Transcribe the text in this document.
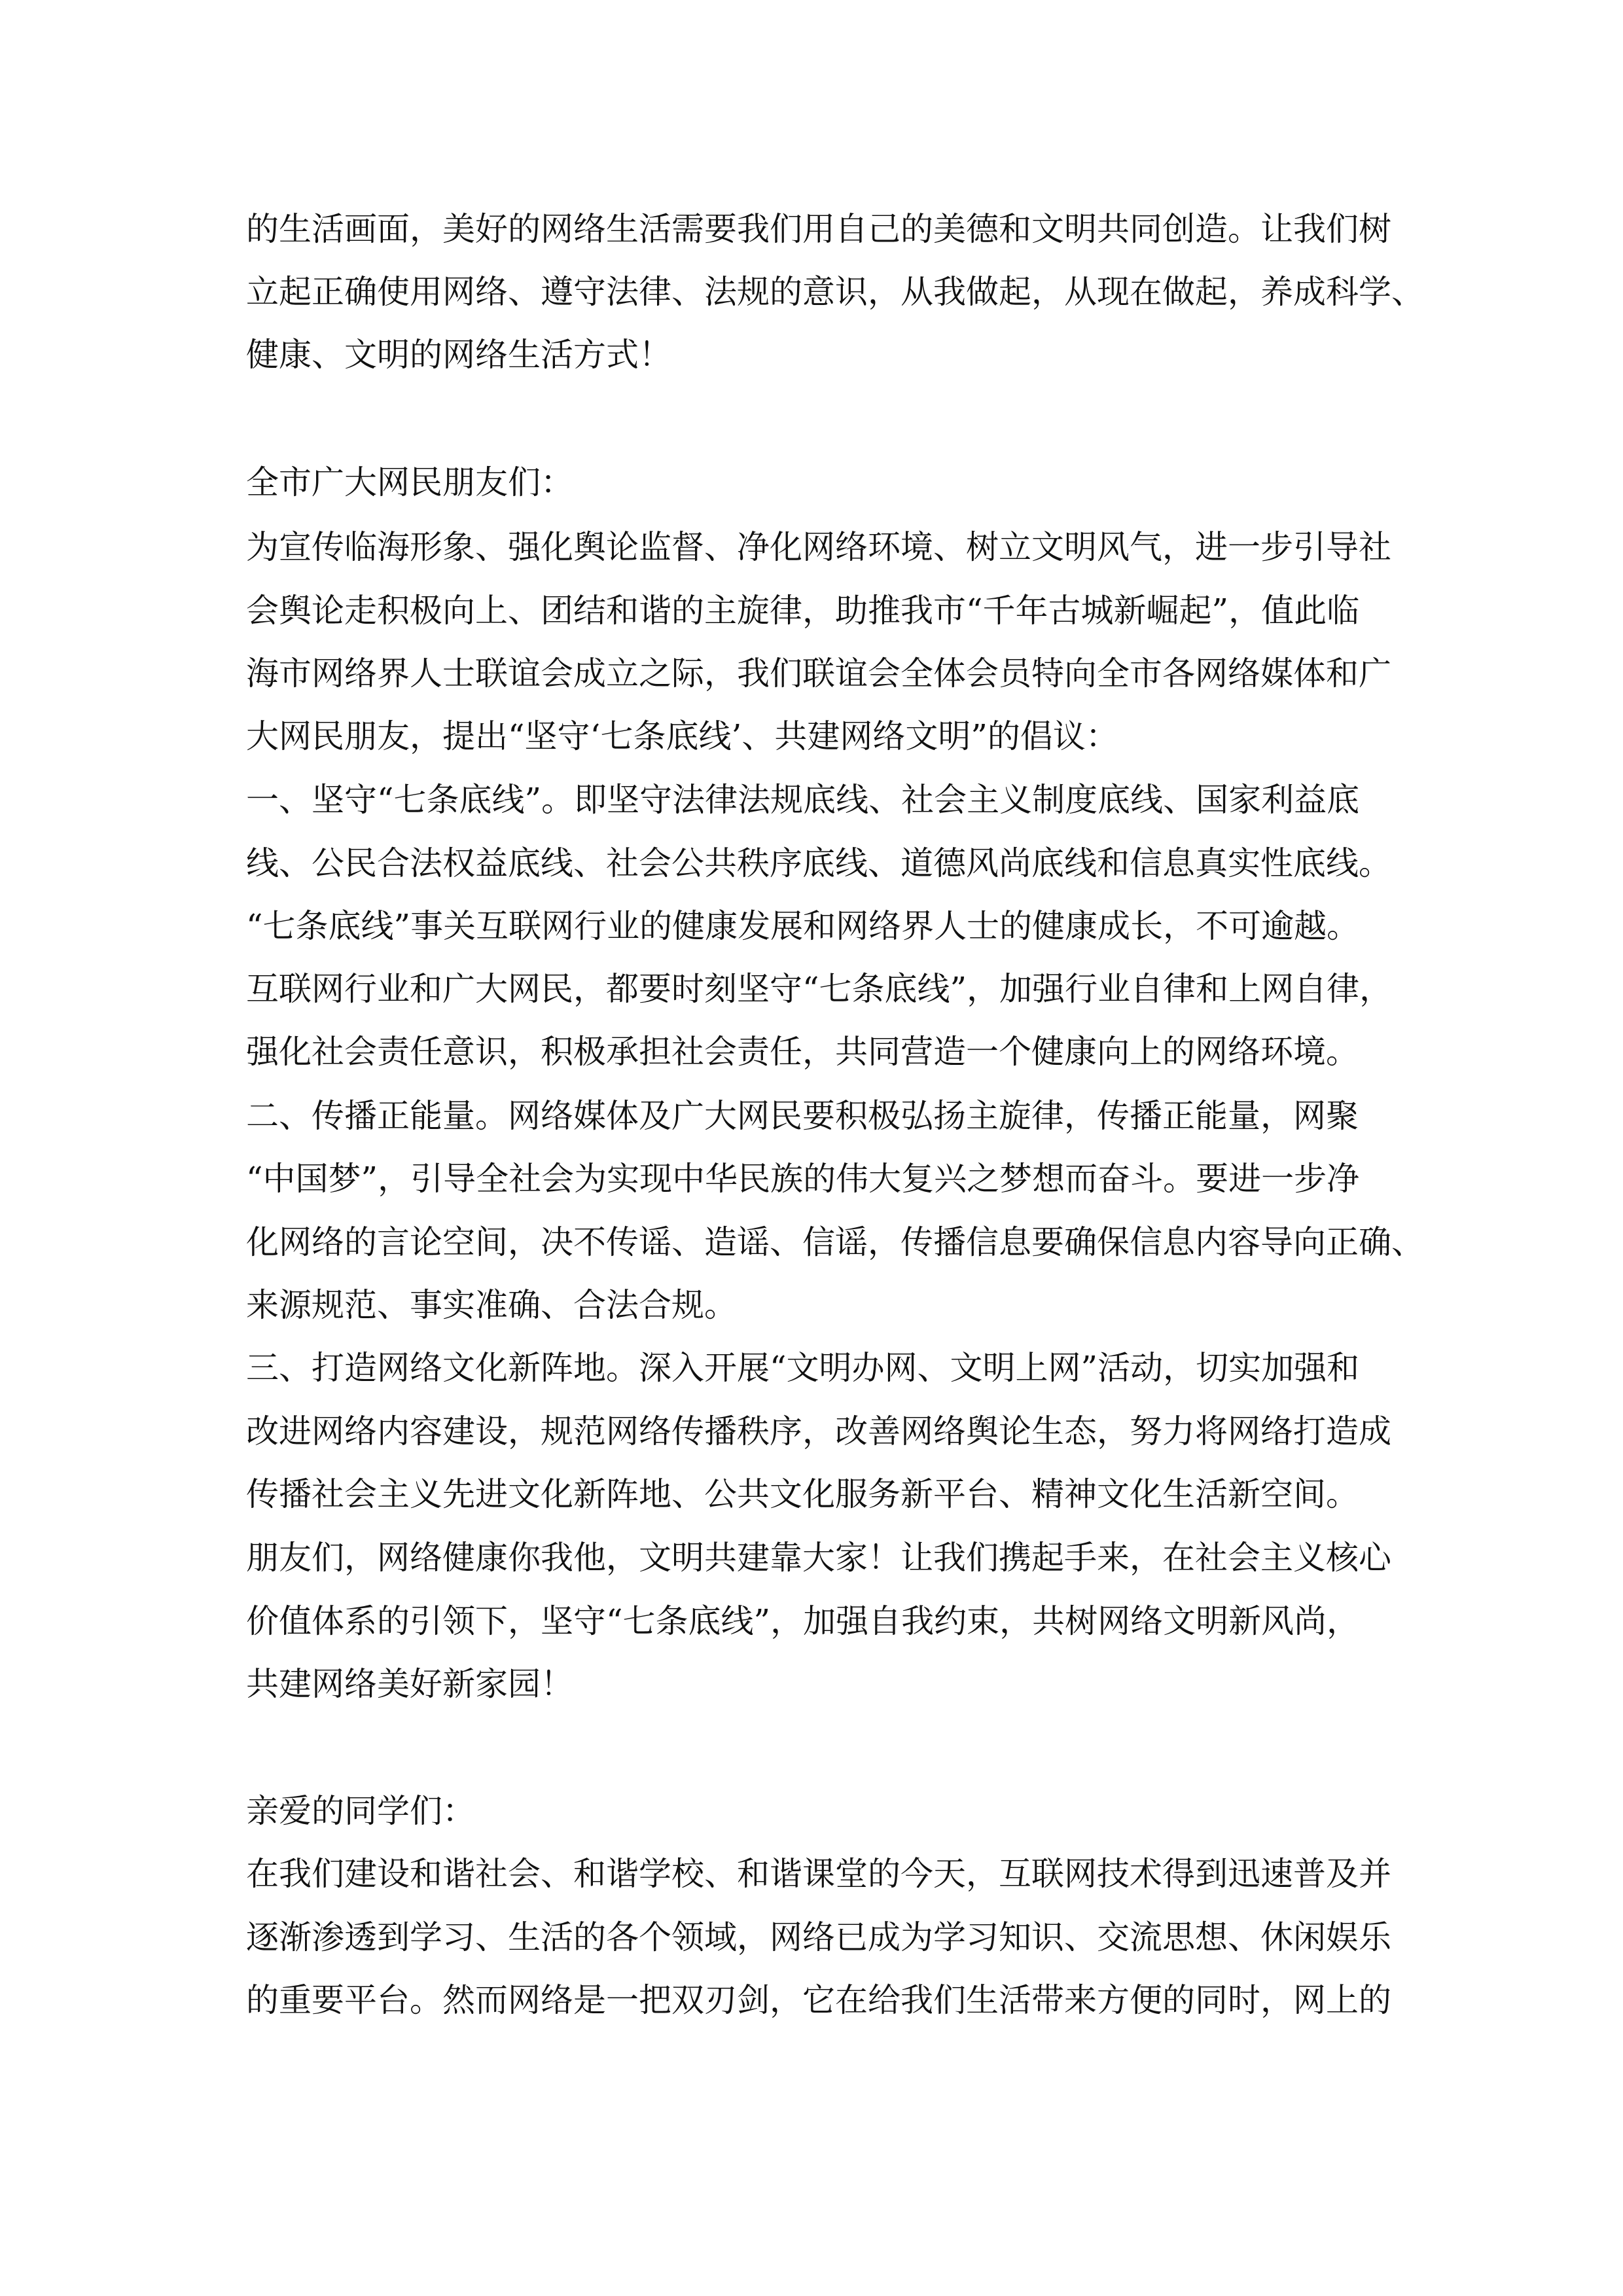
的生活画面，美好的网络生活需要我们用自己的美德和文明共同创造。让我们树

立起正确使用网络、遵守法律、法规的意识，从我做起，从现在做起，养成科学、

健康、文明的网络生活方式！

全市广大网民朋友们：

为宣传临海形象、强化舆论监督、净化网络环境、树立文明风气，进一步引导社

会舆论走积极向上、团结和谐的主旋律，助推我市“千年古城新崛起”，值此临

海市网络界人士联谊会成立之际，我们联谊会全体会员特向全市各网络媒体和广

大网民朋友，提出“坚守‘七条底线’、共建网络文明”的倡议：

一、坚守“七条底线”。即坚守法律法规底线、社会主义制度底线、国家利益底

线、公民合法权益底线、社会公共秩序底线、道德风尚底线和信息真实性底线。

“七条底线”事关互联网行业的健康发展和网络界人士的健康成长，不可逾越。

互联网行业和广大网民，都要时刻坚守“七条底线”，加强行业自律和上网自律，

强化社会责任意识，积极承担社会责任，共同营造一个健康向上的网络环境。

二、传播正能量。网络媒体及广大网民要积极弘扬主旋律，传播正能量，网聚

“中国梦”，引导全社会为实现中华民族的伟大复兴之梦想而奋斗。要进一步净

化网络的言论空间，决不传谣、造谣、信谣，传播信息要确保信息内容导向正确、

来源规范、事实准确、合法合规。

三、打造网络文化新阵地。深入开展“文明办网、文明上网”活动，切实加强和

改进网络内容建设，规范网络传播秩序，改善网络舆论生态，努力将网络打造成

传播社会主义先进文化新阵地、公共文化服务新平台、精神文化生活新空间。

朋友们，网络健康你我他，文明共建靠大家！让我们携起手来，在社会主义核心

价值体系的引领下，坚守“七条底线”，加强自我约束，共树网络文明新风尚，

共建网络美好新家园！

亲爱的同学们：

在我们建设和谐社会、和谐学校、和谐课堂的今天，互联网技术得到迅速普及并

逐渐渗透到学习、生活的各个领域，网络已成为学习知识、交流思想、休闲娱乐

的重要平台。然而网络是一把双刃剑，它在给我们生活带来方便的同时，网上的
